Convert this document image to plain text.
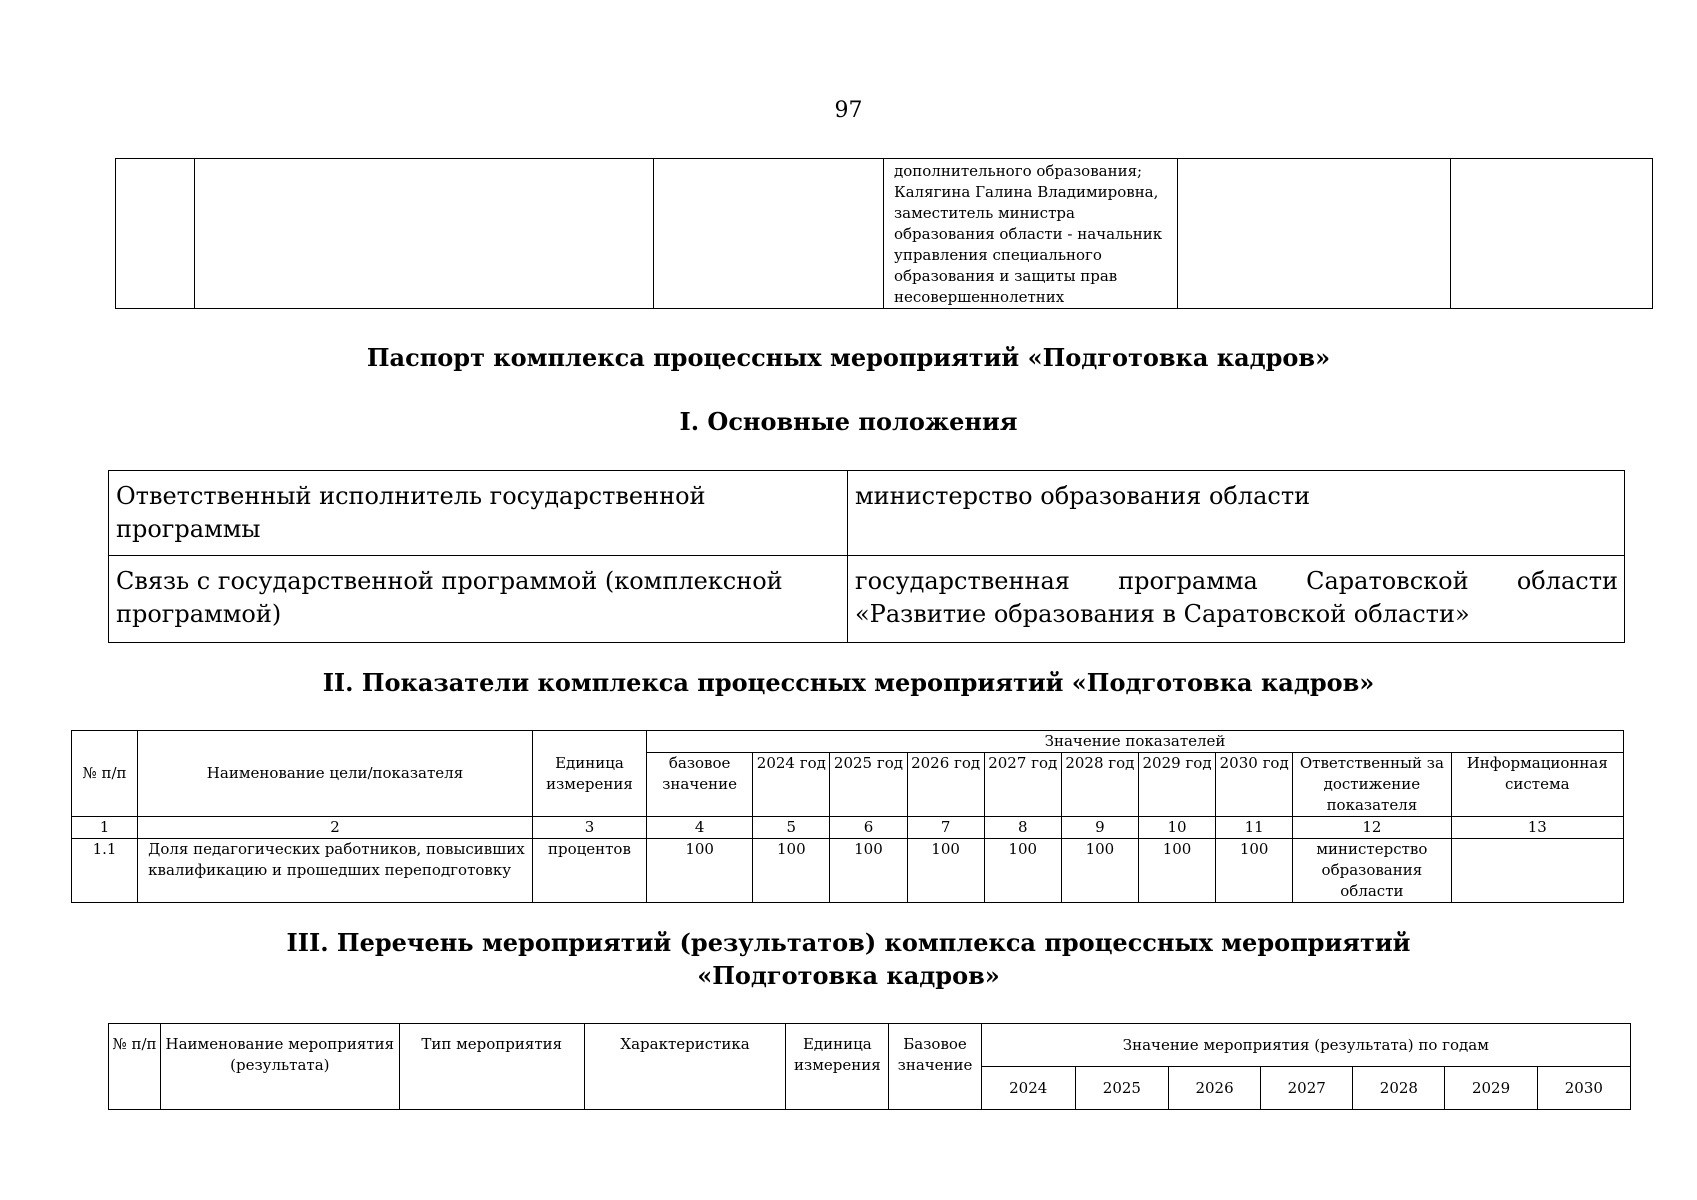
97
			дополнительного образования; Калягина Галина Владимировна, заместитель министра образования области - начальник управления специального образования и защиты прав несовершеннолетних		
Паспорт комплекса процессных мероприятий «Подготовка кадров»
I. Основные положения
Ответственный исполнитель государственной программы	министерство образования области
Связь с государственной программой (комплексной программой)	государственная программа Саратовской области «Развитие образования в Саратовской области»
II. Показатели комплекса процессных мероприятий «Подготовка кадров»
№ п/п	Наименование цели/показателя	Единица измерения	Значение показателей									
			базовое значение	2024 год	2025 год	2026 год	2027 год	2028 год	2029 год	2030 год	Ответственный за достижение показателя	Информационная система
1	2	3	4	5	6	7	8	9	10	11	12	13
1.1	Доля педагогических работников, повысивших квалификацию и прошедших переподготовку	процентов	100	100	100	100	100	100	100	100	министерство образования области	
III. Перечень мероприятий (результатов) комплекса процессных мероприятий
«Подготовка кадров»
№ п/п	Наименование мероприятия (результата)	Тип мероприятия	Характеристика	Единица измерения	Базовое значение	Значение мероприятия (результата) по годам						
						2024	2025	2026	2027	2028	2029	2030
